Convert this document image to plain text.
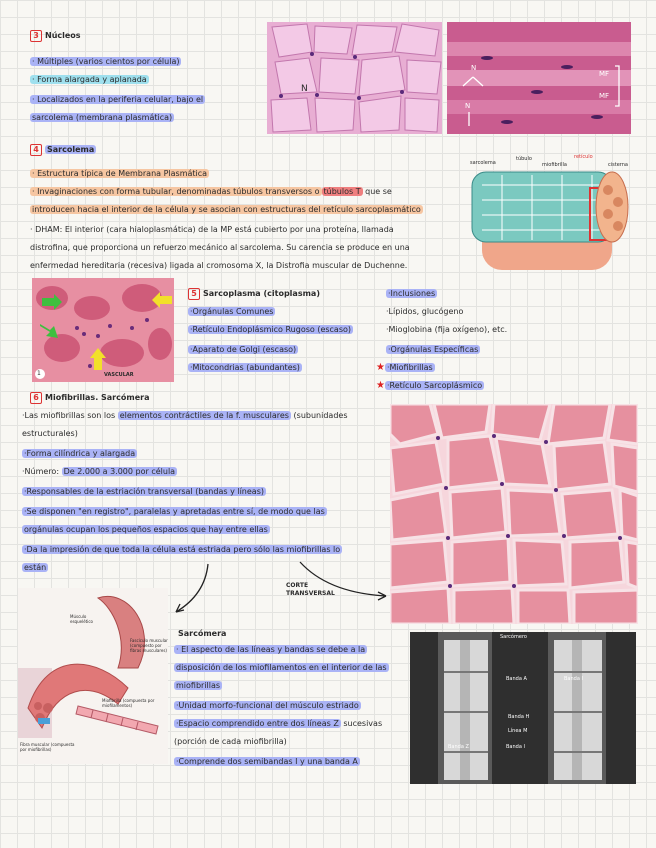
3 Núcleos
· Múltiples (varios cientos por célula)
· Forma alargada y aplanada
· Localizados en la periferia celular, bajo el
sarcolema (membrana plasmática)
N
N
N
MF
MF
4 Sarcolema
· Estructura típica de Membrana Plasmática
· Invaginaciones con forma tubular, denominadas túbulos transversos o túbulos T que se
introducen hacia el interior de la célula y se asocian con estructuras del retículo sarcoplasmático
· DHAM: El interior (cara hialoplasmática) de la MP está cubierto por una proteína, llamada
distrofina, que proporciona un refuerzo mecánico al sarcolema. Su carencia se produce en una
enfermedad hereditaria (recesiva) ligada al cromosoma X, la Distrofia muscular de Duchenne.
sarcolema
túbulo
miofibrilla
retículo
cisterna
1	VASCULAR
5 Sarcoplasma (citoplasma)
·Orgánulas Comunes
·Retículo Endoplásmico Rugoso (escaso)
·Aparato de Golgi (escaso)
·Mitocondrias (abundantes)
·Inclusiones
·Lípidos, glucógeno
·Mioglobina (fija oxígeno), etc.
·Orgánulas Específicas
★ ·Miofibrillas
★ ·Retículo Sarcoplásmico
6 Miofibrillas. Sarcómera
·Las miofibrillas son los elementos contráctiles de la f. musculares (subunidades
estructurales)
·Forma cilíndrica y alargada
·Número: De 2.000 a 3.000 por célula
·Responsables de la estriación transversal (bandas y líneas)
·Se disponen "en registro", paralelas y apretadas entre sí, de modo que las
orgánulas ocupan los pequeños espacios que hay entre ellas
·Da la impresión de que toda la célula está estriada pero sólo las miofibrillas lo
están
CORTE TRANSVERSAL
Músculo esquelético
Fascículo muscular (compuesto por fibras musculares)
Miofibrilla (compuesta por miofilamentos)
Fibra muscular (compuesta por miofibrillas)
Sarcómera
· El aspecto de las líneas y bandas se debe a la
disposición de los miofilamentos en el interior de las
miofibrillas
·Unidad morfo-funcional del músculo estriado
·Espacio comprendido entre dos líneas Z sucesivas
(porción de cada miofibrilla)
·Comprende dos semibandas I y una banda A
Sarcómero
Banda A	Banda I
Banda H
Línea M
Banda Z	Banda I
